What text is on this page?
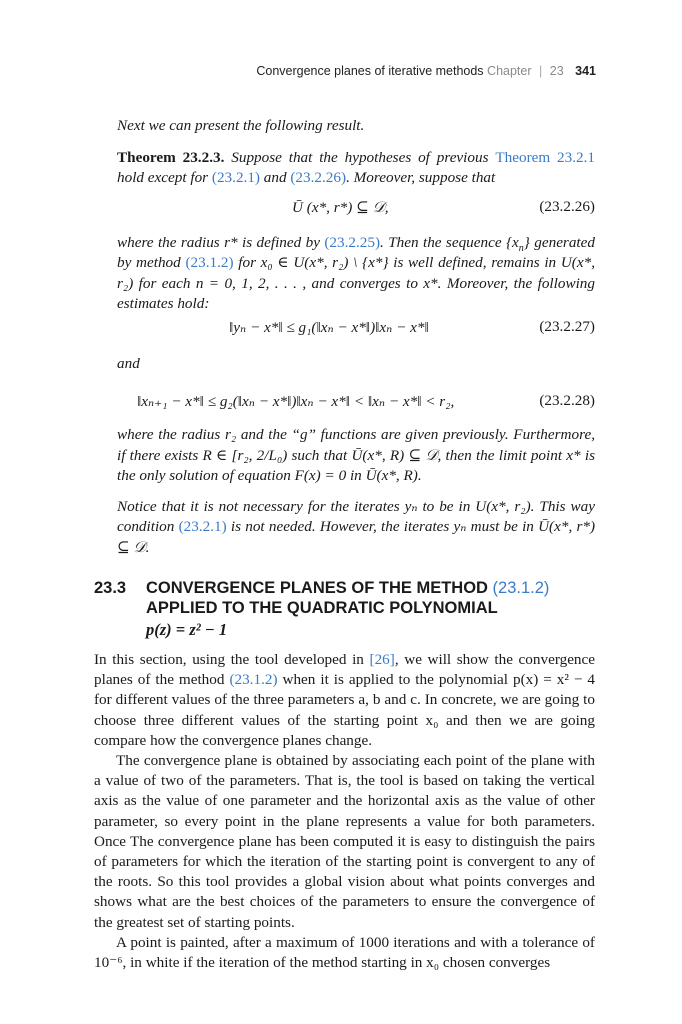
Convergence planes of iterative methods Chapter | 23 341
Next we can present the following result.
Theorem 23.2.3. Suppose that the hypotheses of previous Theorem 23.2.1 hold except for (23.2.1) and (23.2.26). Moreover, suppose that
Ū (x*, r*) ⊆ 𝒟,	(23.2.26)
where the radius r* is defined by (23.2.25). Then the sequence $\{x_n\}$ generated by method (23.1.2) for x₀ ∈ U(x*, r₂) \ {x*} is well defined, remains in U(x*, r₂) for each n = 0, 1, 2, . . . , and converges to x*. Moreover, the following estimates hold:
‖yₙ − x*‖ ≤ g₁(‖xₙ − x*‖)‖xₙ − x*‖	(23.2.27)
and
‖xₙ₊₁ − x*‖ ≤ g₂(‖xₙ − x*‖)‖xₙ − x*‖ < ‖xₙ − x*‖ < r₂,	(23.2.28)
where the radius r₂ and the “g” functions are given previously. Furthermore, if there exists R ∈ [r₂, 2/L₀) such that Ū(x*, R) ⊆ 𝒟, then the limit point x* is the only solution of equation F(x) = 0 in Ū(x*, R).
Notice that it is not necessary for the iterates yₙ to be in U(x*, r₂). This way condition (23.2.1) is not needed. However, the iterates yₙ must be in Ū(x*, r*) ⊆ 𝒟.
23.3 CONVERGENCE PLANES OF THE METHOD (23.1.2)
APPLIED TO THE QUADRATIC POLYNOMIAL
p(z) = z² − 1

In this section, using the tool developed in [26], we will show the convergence planes of the method (23.1.2) when it is applied to the polynomial p(x) = x² − 4 for different values of the three parameters a, b and c. In concrete, we are going to choose three different values of the starting point x₀ and then we are going compare how the convergence planes change.

The convergence plane is obtained by associating each point of the plane with a value of two of the parameters. That is, the tool is based on taking the vertical axis as the value of one parameter and the horizontal axis as the value of other parameter, so every point in the plane represents a value for both parameters. Once The convergence plane has been computed it is easy to distinguish the pairs of parameters for which the iteration of the starting point is convergent to any of the roots. So this tool provides a global vision about what points converges and shows what are the best choices of the parameters to ensure the convergence of the greatest set of starting points.

A point is painted, after a maximum of 1000 iterations and with a tolerance of 10⁻⁶, in white if the iteration of the method starting in x₀ chosen converges
